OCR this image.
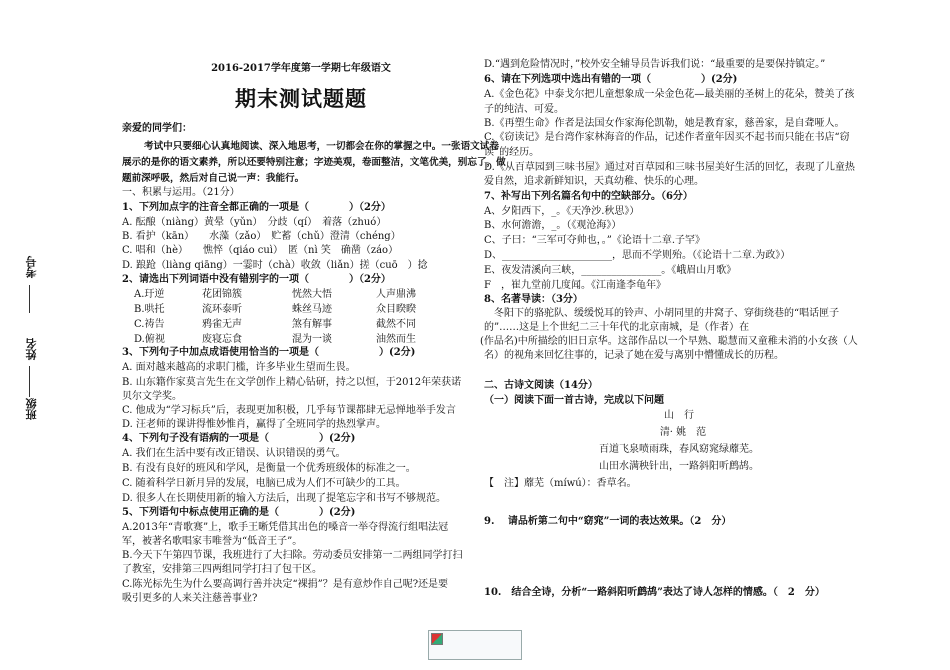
考号
姓名
班级
2016-2017学年度第一学期七年级语文
期末测试题题
亲爱的同学们：
考试中只要细心认真地阅读、深入地思考，一切都会在你的掌握之中。一张语文试卷
展示的是你的语文素养，所以还要特别注意；字迹美观，卷面整洁，文笔优美，别忘了，做
题前深呼吸，然后对自己说一声：我能行。
一、积累与运用。（21分）
1、下列加点字的注音全都正确的一项是（　　　　）（2分）
A. 酝酿（niàng）黄晕（yǔn）　分歧（qí）　着落（zhuó）
B. 看护（kān）　　水藻（zǎo）　贮蓄（chǔ）澄清（chéng）
C. 唱和（hè）　　憔悴（qiáo cuì）　匿（nì 笑　确凿（záo）
D. 踉跄（liàng qiāng）一霎时（chà）收敛（liǎn）搓（cuō　）捻
2、请选出下列词语中没有错别字的一项（　　　　）（2分）
A.玗逆	花团锦簇	恍然大悟	人声鼎沸
B.哄托	流环泰听	蛛丝马迹	众目睽睽
C.祷告	鸦雀无声	煞有解事	截然不同
D.俯视	废寝忘食	混为一谈	油然而生
3、下列句子中加点成语使用恰当的一项是（　　　　　　）(2分)
A. 面对越来越高的求职门槛，许多毕业生望而生畏。
B. 山东籍作家莫言先生在文学创作上精心钻研，持之以恒，于2012年荣获诺
贝尔文学奖。
C. 他成为“学习标兵”后，表现更加积极，几乎每节课都肆无忌惮地举手发言
D. 汪老师的课讲得惟妙惟肖，赢得了全班同学的热烈掌声。
4、下列句子没有语病的一项是（　　　　　）(2分)
A. 我们在生活中要有改正错误、认识错误的勇气。
B. 有没有良好的班风和学风，是衡量一个优秀班级体的标准之一。
C. 随着科学日新月异的发展，电脑已成为人们不可缺少的工具。
D. 很多人在长期使用新的输入方法后，出现了提笔忘字和书写不够规范。
5、下列语句中标点使用正确的是（　　　　）(2分)
A.2013年“青歌赛”上，歌手王晰凭借其出色的嗓音一举夺得流行组唱法冠
军，被著名歌唱家韦唯誉为“低音王子”。
B.今天下午第四节课，我班进行了大扫除。劳动委员安排第一二两组同学打扫
了教室，安排第三四两组同学打扫了包干区。
C.陈光标先生为什么要高调行善并决定“裸捐”？是有意炒作自己呢?还是要
吸引更多的人来关注慈善事业?
D.“遇到危险情况时，”校外安全辅导员告诉我们说：“最重要的是要保持镇定。”
6、请在下列选项中选出有错的一项（　　　　　）(2分)
A.《金色花》中泰戈尔把儿童想象成一朵金色花—最美丽的圣树上的花朵，赞美了孩
子的纯洁、可爱。
B.《再塑生命》作者是法国女作家海伦凯勒，她是教育家，慈善家，是自聋哑人。
C.《窃读记》是台湾作家林海音的作品，记述作者童年因买不起书而只能在书店“窃
读”的经历。
D.《从百草园到三味书屋》通过对百草园和三味书屋美好生活的回忆，表现了儿童热
爱自然，追求新鲜知识，天真幼稚、快乐的心理。
7、补写出下列名篇名句中的空缺部分。（6分）
A、夕阳西下，_。《天净沙.秋思》）
B、水何澹澹，_。（《观沧海》）
C、子曰：“三军可夺帅也，。”《论语十二章.子罕》
D、______________________，思而不学则殆。（《论语十二章.为政》）
E、夜发清溪向三峡，________________。《峨眉山月歌》
F　，崔九堂前几度闻。《江南逢李龟年》
8、名著导读：（3分）
　冬阳下的骆驼队、缓缓悦耳的铃声、小胡同里的井窝子、穿街绕巷的“唱话匣子
的”……这是上个世纪二三十年代的北京南城，是（作者）在
(作品名)中所描绘的旧日京华。这部作品以一个早熟、聪慧而又童稚未消的小女孩（人
名）的视角来回忆往事的，记录了她在爱与离别中懵懂成长的历程。
二、古诗文阅读（14分）
（一）阅读下面一首古诗，完成以下问题
山　行
清· 姚　范
百道飞泉喷雨珠，春风窈窕绿蘼芜。
山田水满秧针出，一路斜阳听鹧鸪。
【　注】蘼芜（míwú）：香草名。
9.　 请品析第二句中“窈窕”一词的表达效果。（2　分）
10.　结合全诗，分析“一路斜阳听鹧鸪”表达了诗人怎样的情感。（　2　分）
